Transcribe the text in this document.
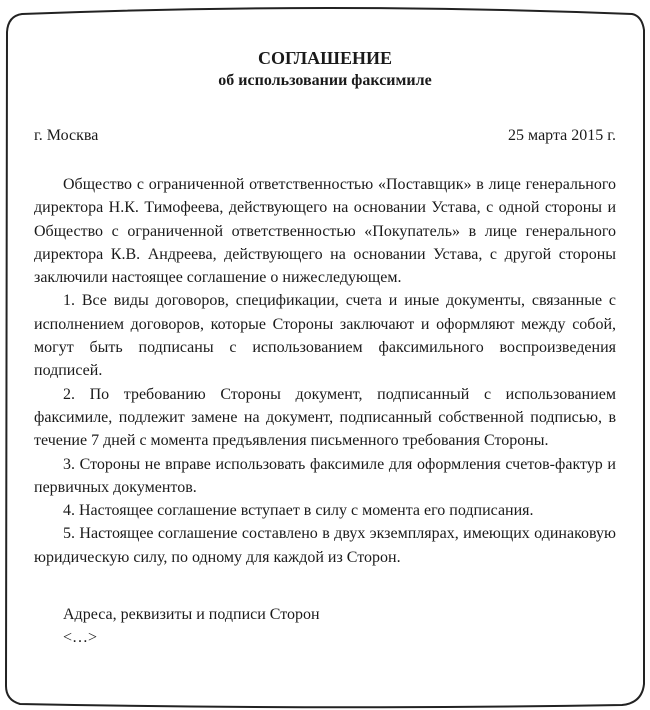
СОГЛАШЕНИЕ
об использовании факсимиле
г. Москва	25 марта 2015 г.

Общество с ограниченной ответственностью «Поставщик» в лице генерального директора Н.К. Тимофеева, действующего на основании Устава, с одной стороны и Общество с ограниченной ответственностью «Покупатель» в лице генерального директора К.В. Андреева, действующего на основании Устава, с другой стороны заключили настоящее соглашение о нижеследующем.

1. Все виды договоров, спецификации, счета и иные документы, связанные с исполнением договоров, которые Стороны заключают и оформляют между собой, могут быть подписаны с использованием факсимильного воспроизведения подписей.

2. По требованию Стороны документ, подписанный с использованием факсимиле, подлежит замене на документ, подписанный собственной подписью, в течение 7 дней с момента предъявления письменного требования Стороны.

3. Стороны не вправе использовать факсимиле для оформления счетов-фактур и первичных документов.

4. Настоящее соглашение вступает в силу с момента его подписания.

5. Настоящее соглашение составлено в двух экземплярах, имеющих одинаковую юридическую силу, по одному для каждой из Сторон.

Адреса, реквизиты и подписи Сторон
<…>
